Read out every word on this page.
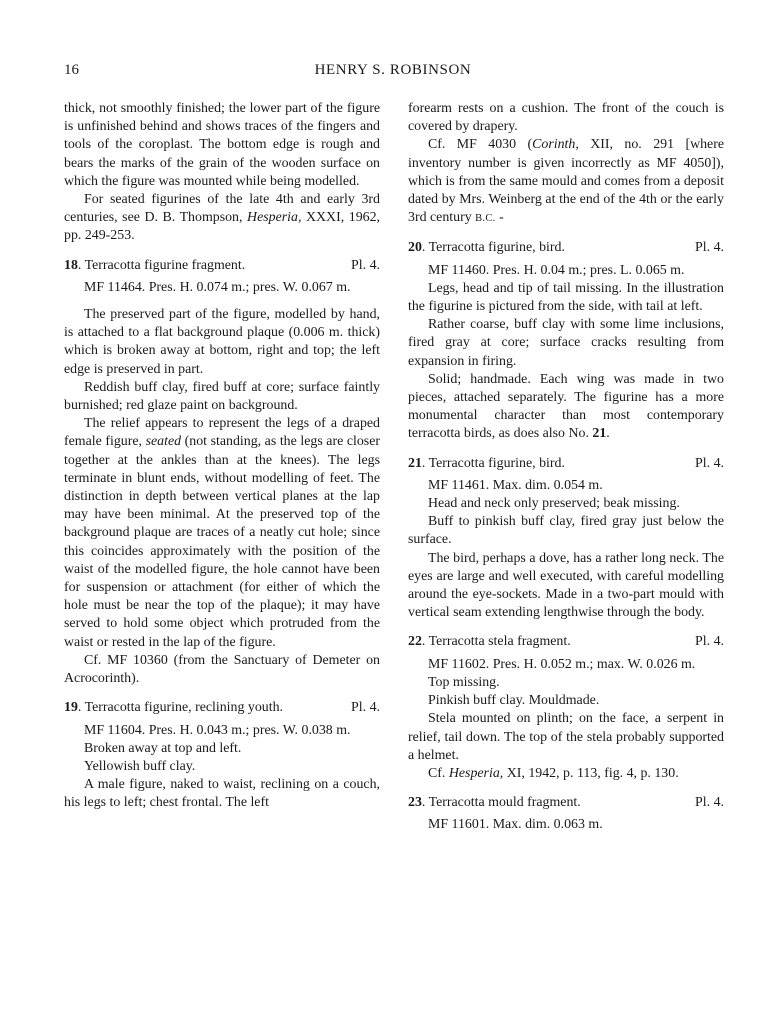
16	HENRY S. ROBINSON

thick, not smoothly finished; the lower part of the figure is unfinished behind and shows traces of the fingers and tools of the coroplast. The bottom edge is rough and bears the marks of the grain of the wooden surface on which the figure was mounted while being modelled.

For seated figurines of the late 4th and early 3rd centuries, see D. B. Thompson, Hesperia, XXXI, 1962, pp. 249-253.

18. Terracotta figurine fragment.	Pl. 4.

MF 11464. Pres. H. 0.074 m.; pres. W. 0.067 m.

The preserved part of the figure, modelled by hand, is attached to a flat background plaque (0.006 m. thick) which is broken away at bottom, right and top; the left edge is preserved in part.

Reddish buff clay, fired buff at core; surface faintly burnished; red glaze paint on background.

The relief appears to represent the legs of a draped female figure, seated (not standing, as the legs are closer together at the ankles than at the knees). The legs terminate in blunt ends, without modelling of feet. The distinction in depth between vertical planes at the lap may have been minimal. At the preserved top of the background plaque are traces of a neatly cut hole; since this coincides approximately with the position of the waist of the modelled figure, the hole cannot have been for suspension or attachment (for either of which the hole must be near the top of the plaque); it may have served to hold some object which protruded from the waist or rested in the lap of the figure.

Cf. MF 10360 (from the Sanctuary of Demeter on Acrocorinth).

19. Terracotta figurine, reclining youth.	Pl. 4.

MF 11604. Pres. H. 0.043 m.; pres. W. 0.038 m.

Broken away at top and left.

Yellowish buff clay.

A male figure, naked to waist, reclining on a couch, his legs to left; chest frontal. The left

forearm rests on a cushion. The front of the couch is covered by drapery.

Cf. MF 4030 (Corinth, XII, no. 291 [where inventory number is given incorrectly as MF 4050]), which is from the same mould and comes from a deposit dated by Mrs. Weinberg at the end of the 4th or the early 3rd century B.C. -

20. Terracotta figurine, bird.	Pl. 4.

MF 11460. Pres. H. 0.04 m.; pres. L. 0.065 m.

Legs, head and tip of tail missing. In the illustration the figurine is pictured from the side, with tail at left.

Rather coarse, buff clay with some lime inclusions, fired gray at core; surface cracks resulting from expansion in firing.

Solid; handmade. Each wing was made in two pieces, attached separately. The figurine has a more monumental character than most contemporary terracotta birds, as does also No. 21.

21. Terracotta figurine, bird.	Pl. 4.

MF 11461. Max. dim. 0.054 m.

Head and neck only preserved; beak missing.

Buff to pinkish buff clay, fired gray just below the surface.

The bird, perhaps a dove, has a rather long neck. The eyes are large and well executed, with careful modelling around the eye-sockets. Made in a two-part mould with vertical seam extending lengthwise through the body.

22. Terracotta stela fragment.	Pl. 4.

MF 11602. Pres. H. 0.052 m.; max. W. 0.026 m.

Top missing.

Pinkish buff clay. Mouldmade.

Stela mounted on plinth; on the face, a serpent in relief, tail down. The top of the stela probably supported a helmet.

Cf. Hesperia, XI, 1942, p. 113, fig. 4, p. 130.

23. Terracotta mould fragment.	Pl. 4.

MF 11601. Max. dim. 0.063 m.
